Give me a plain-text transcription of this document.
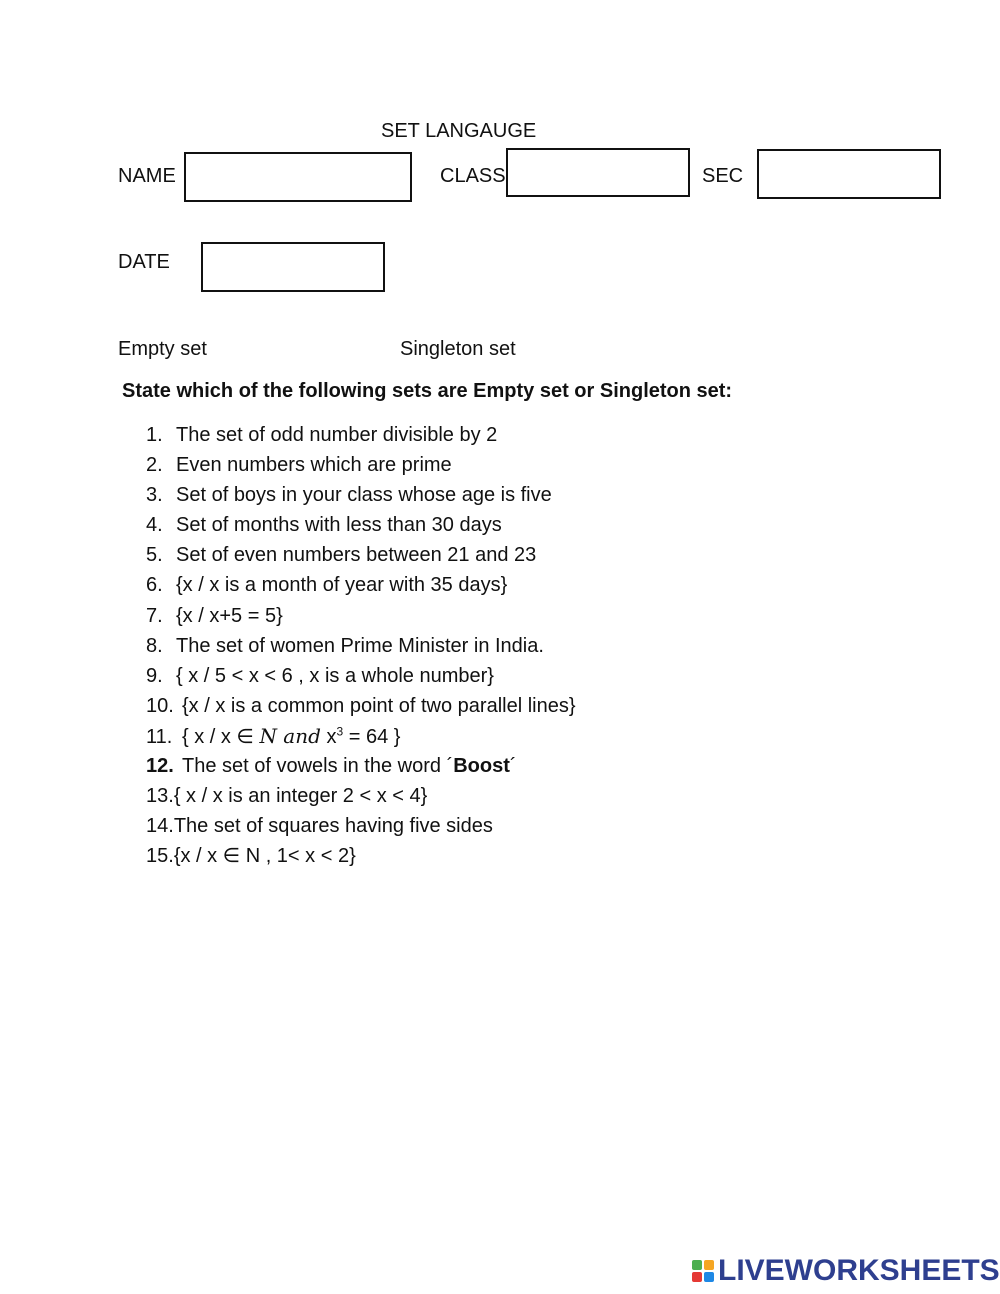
SET LANGAUGE
NAME	CLASS	SEC
DATE
Empty set	Singleton set
State which of the following sets are Empty set or Singleton set:
1. The set of odd number divisible by 2
2. Even numbers which are prime
3. Set of boys in your class whose age is five
4. Set of months with less than 30 days
5. Set of even numbers between 21 and 23
6. {x / x is a month of year with 35 days}
7. {x / x+5 = 5}
8. The set of women Prime Minister in India.
9. { x / 5 < x < 6 , x is a whole number}
10. {x / x is a common point of two parallel lines}
11. { x / x ∈ N and $x^3 = 64$ }
12. The set of vowels in the word ´Boost´
13.{ x / x is an integer 2 < x < 4}
14.The set of squares having five sides
15.{x / x ∈ N , 1< x < 2}
LIVEWORKSHEETS
